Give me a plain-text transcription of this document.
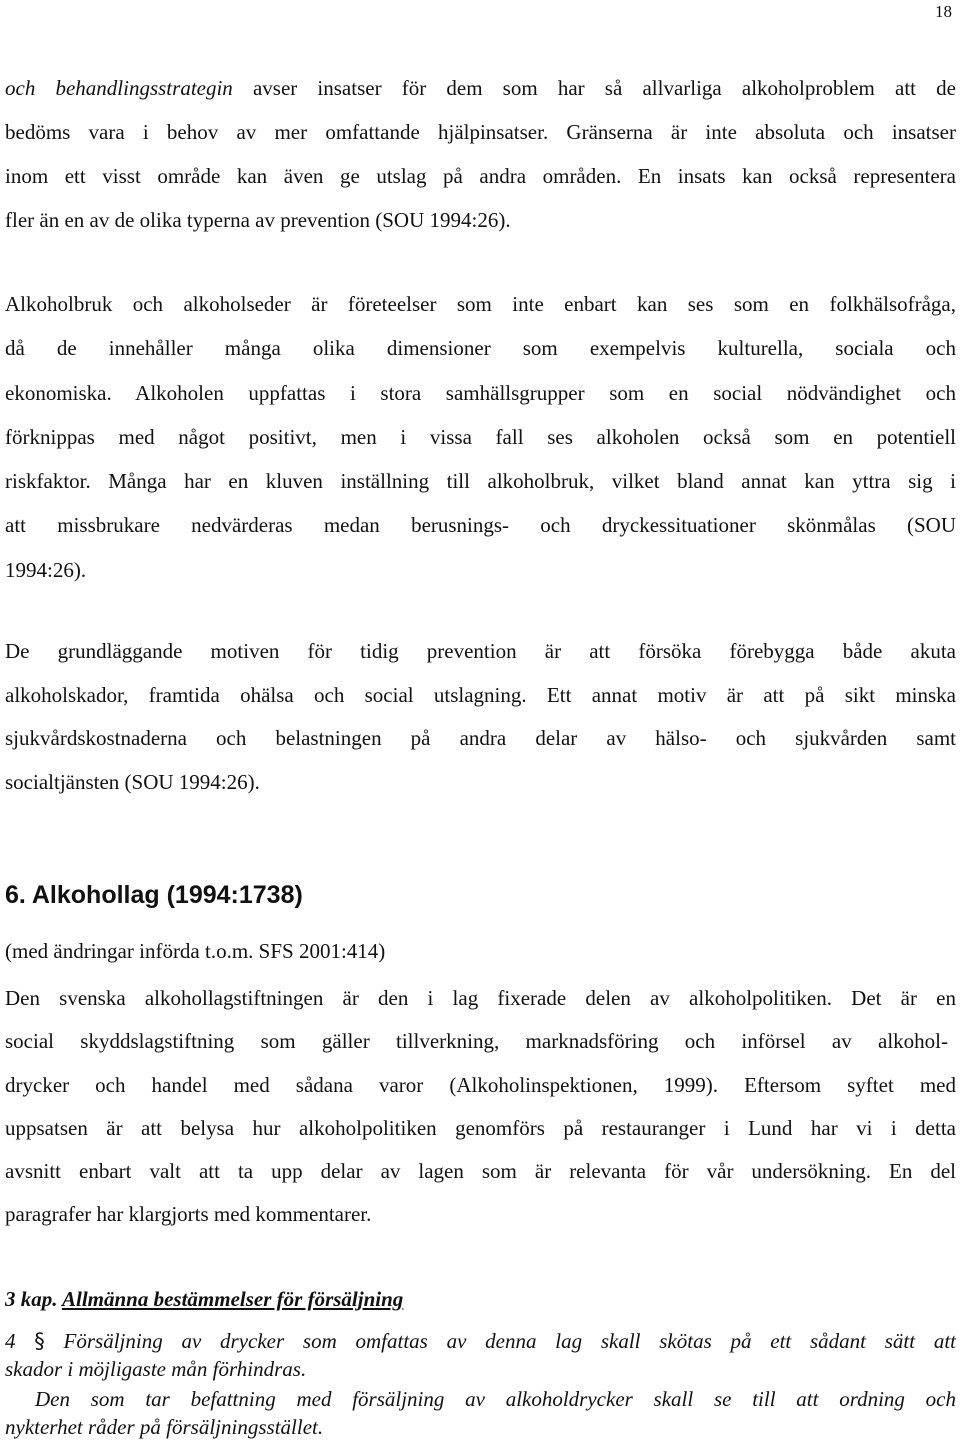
18
och behandlingsstrategin avser insatser för dem som har så allvarliga alkoholproblem att de
bedöms vara i behov av mer omfattande hjälpinsatser. Gränserna är inte absoluta och insatser
inom ett visst område kan även ge utslag på andra områden. En insats kan också representera
fler än en av de olika typerna av prevention (SOU 1994:26).
Alkoholbruk och alkoholseder är företeelser som inte enbart kan ses som en folkhälsofråga,
då de innehåller många olika dimensioner som exempelvis kulturella, sociala och
ekonomiska. Alkoholen uppfattas i stora samhällsgrupper som en social nödvändighet och
förknippas med något positivt, men i vissa fall ses alkoholen också som en potentiell
riskfaktor. Många har en kluven inställning till alkoholbruk, vilket bland annat kan yttra sig i
att missbrukare nedvärderas medan berusnings- och dryckessituationer skönmålas (SOU
1994:26).
De grundläggande motiven för tidig prevention är att försöka förebygga både akuta
alkoholskador, framtida ohälsa och social utslagning. Ett annat motiv är att på sikt minska
sjukvårdskostnaderna och belastningen på andra delar av hälso- och sjukvården samt
socialtjänsten (SOU 1994:26).
6. Alkohollag (1994:1738)
(med ändringar införda t.o.m. SFS 2001:414)
Den svenska alkohollagstiftningen är den i lag fixerade delen av alkoholpolitiken. Det är en
social skyddslagstiftning som gäller tillverkning, marknadsföring och införsel av alkohol-
drycker och handel med sådana varor (Alkoholinspektionen, 1999). Eftersom syftet med
uppsatsen är att belysa hur alkoholpolitiken genomförs på restauranger i Lund har vi i detta
avsnitt enbart valt att ta upp delar av lagen som är relevanta för vår undersökning. En del
paragrafer har klargjorts med kommentarer.
3 kap. Allmänna bestämmelser för försäljning
4 § Försäljning av drycker som omfattas av denna lag skall skötas på ett sådant sätt att
skador i möjligaste mån förhindras.
Den som tar befattning med försäljning av alkoholdrycker skall se till att ordning och
nykterhet råder på försäljningsstället.
